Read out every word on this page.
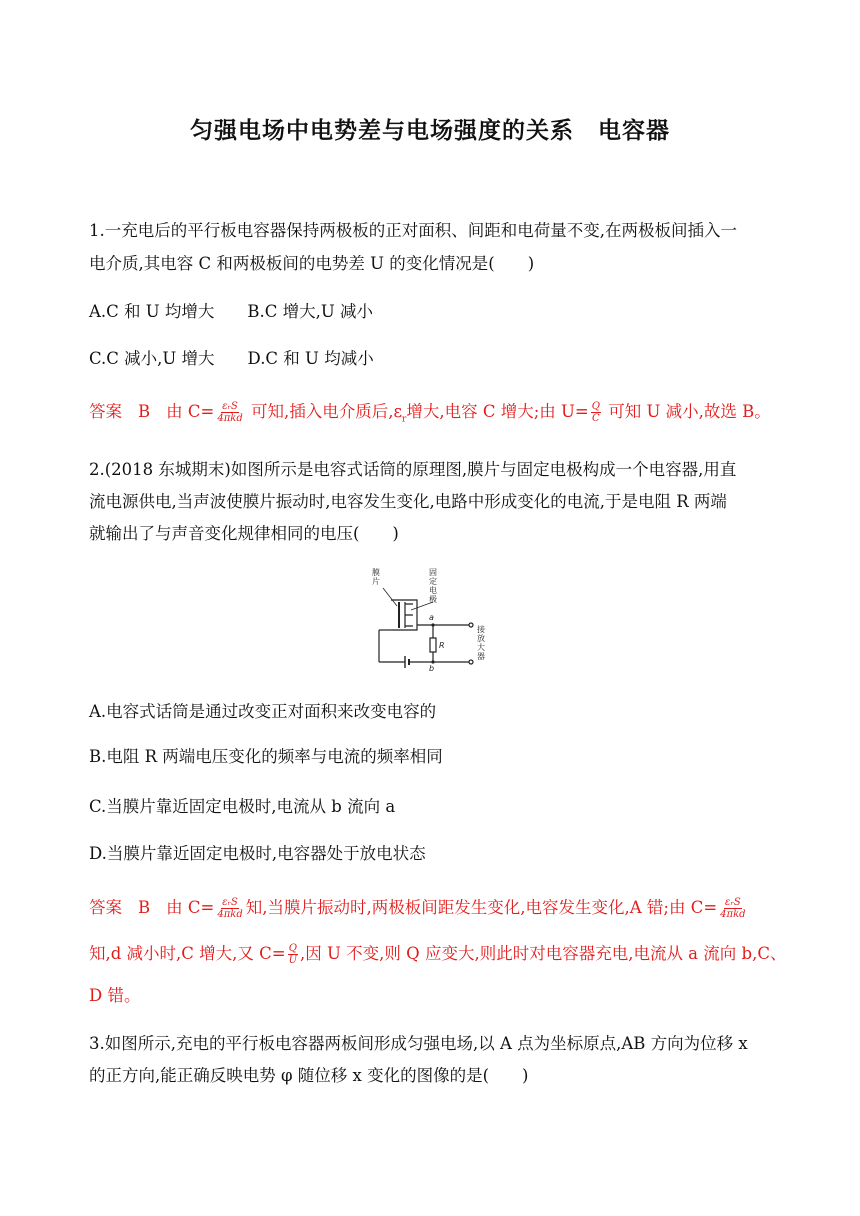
匀强电场中电势差与电场强度的关系　电容器
1.一充电后的平行板电容器保持两极板的正对面积、间距和电荷量不变,在两极板间插入一
电介质,其电容 C 和两极板间的电势差 U 的变化情况是(　　)
A.C 和 U 均增大　　B.C 增大,U 减小
C.C 减小,U 增大　　D.C 和 U 均减小
答案 B 由 $C= \frac{\text{εᵣS}}{\text{4πkd}}$ 可知,插入电介质后$,\varepsilon_r$增大,电容 C 增大;由 $U= \frac{Q}{C}$ 可知 U 减小,故选 B。
2.(2018 东城期末)如图所示是电容式话筒的原理图,膜片与固定电极构成一个电容器,用直
流电源供电,当声波使膜片振动时,电容发生变化,电路中形成变化的电流,于是电阻 R 两端
就输出了与声音变化规律相同的电压(　　)
膜片
固定电极
a
b
R
接放大器
A.电容式话筒是通过改变正对面积来改变电容的
B.电阻 R 两端电压变化的频率与电流的频率相同
C.当膜片靠近固定电极时,电流从 b 流向 a
D.当膜片靠近固定电极时,电容器处于放电状态
答案 B 由 $C= \frac{\text{εᵣS}}{\text{4πkd}}$ 知,当膜片振动时,两极板间距发生变化,电容发生变化,A 错;由 $C= \frac{\text{εᵣS}}{\text{4πkd}}$
知,d 减小时,C 增大,又 $C= \frac{Q}{U}$ ,因 U 不变,则 Q 应变大,则此时对电容器充电,电流从 a 流向 b,C、
D 错。
3.如图所示,充电的平行板电容器两板间形成匀强电场,以 A 点为坐标原点,AB 方向为位移 x
的正方向,能正确反映电势 φ 随位移 x 变化的图像的是(　　)
